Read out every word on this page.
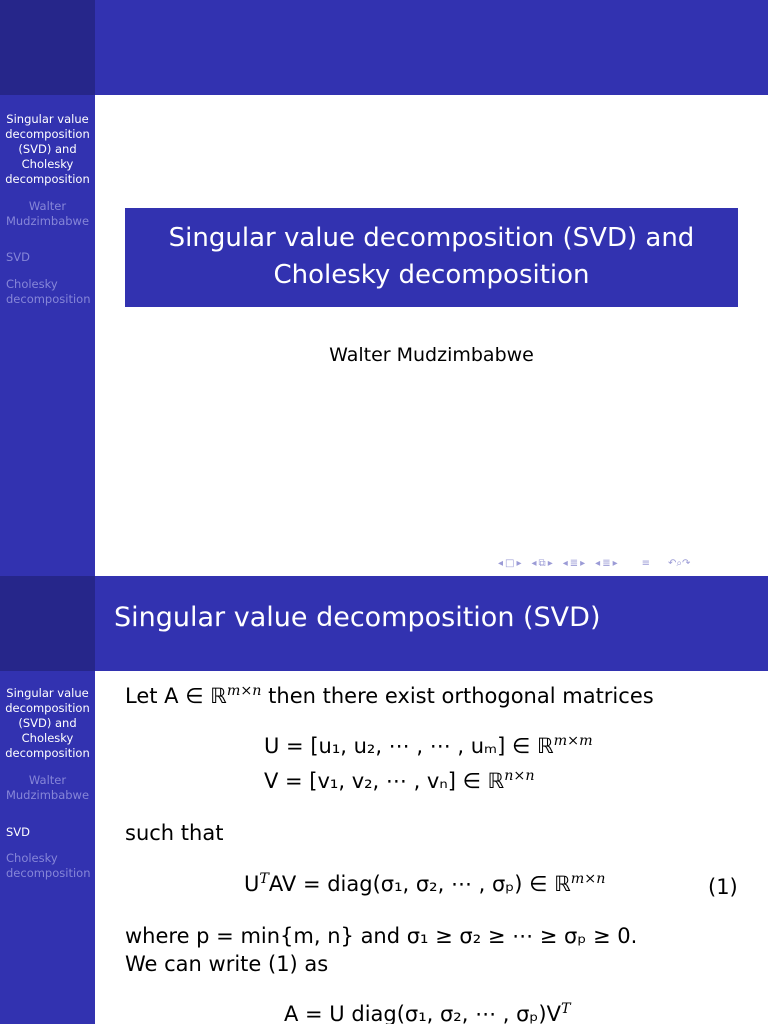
Singular value decomposition (SVD) and Cholesky decomposition
Walter Mudzimbabwe
SVD
Cholesky decomposition
Singular value decomposition (SVD) and
Cholesky decomposition
Walter Mudzimbabwe
◂ □ ▸ ◂ ⧉ ▸ ◂ ≣ ▸ ◂ ≣ ▸ ≡ ↶⌕↷
Singular value decomposition (SVD) and Cholesky decomposition
Walter Mudzimbabwe
SVD
Cholesky decomposition
Singular value decomposition (SVD)
Let A ∈ ℝ$^{m\times n}$ then there exist orthogonal matrices
U = [u₁, u₂, ⋯ , ⋯ , uₘ] ∈ ℝ$^{m\times m}$
V = [v₁, v₂, ⋯ , vₙ] ∈ ℝ$^{n\times n}$
such that
$U^TAV$ = diag(σ₁, σ₂, ⋯ , σₚ) ∈ ℝ$^{m\times n}$	(1)
where p = min{m, n} and σ₁ ≥ σ₂ ≥ ⋯ ≥ σₚ ≥ 0.
We can write (1) as
A = U diag(σ₁, σ₂, ⋯ , $\sigma_p)V^T$
